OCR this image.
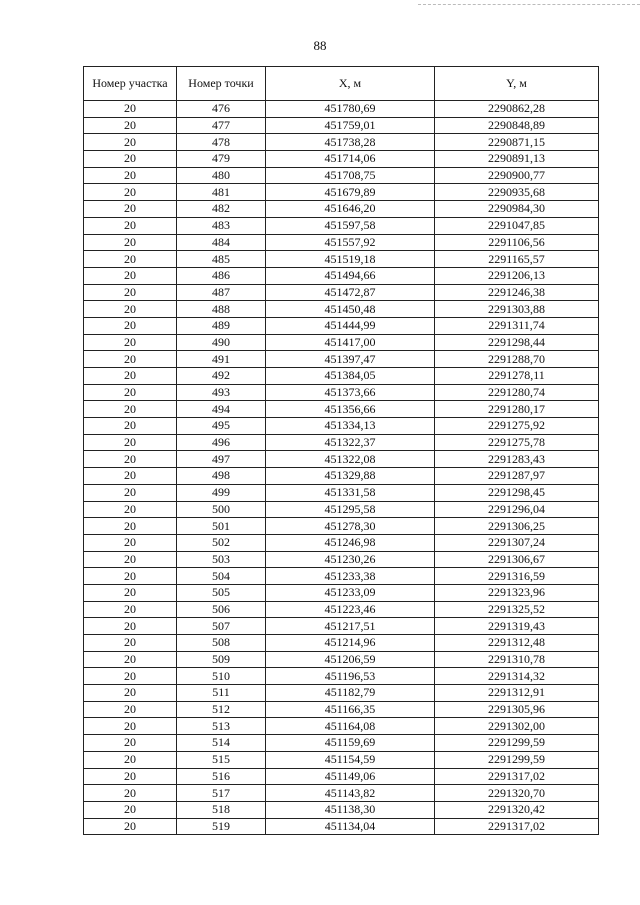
88
Номер участка	Номер точки	X, м	Y, м
20	476	451780,69	2290862,28
20	477	451759,01	2290848,89
20	478	451738,28	2290871,15
20	479	451714,06	2290891,13
20	480	451708,75	2290900,77
20	481	451679,89	2290935,68
20	482	451646,20	2290984,30
20	483	451597,58	2291047,85
20	484	451557,92	2291106,56
20	485	451519,18	2291165,57
20	486	451494,66	2291206,13
20	487	451472,87	2291246,38
20	488	451450,48	2291303,88
20	489	451444,99	2291311,74
20	490	451417,00	2291298,44
20	491	451397,47	2291288,70
20	492	451384,05	2291278,11
20	493	451373,66	2291280,74
20	494	451356,66	2291280,17
20	495	451334,13	2291275,92
20	496	451322,37	2291275,78
20	497	451322,08	2291283,43
20	498	451329,88	2291287,97
20	499	451331,58	2291298,45
20	500	451295,58	2291296,04
20	501	451278,30	2291306,25
20	502	451246,98	2291307,24
20	503	451230,26	2291306,67
20	504	451233,38	2291316,59
20	505	451233,09	2291323,96
20	506	451223,46	2291325,52
20	507	451217,51	2291319,43
20	508	451214,96	2291312,48
20	509	451206,59	2291310,78
20	510	451196,53	2291314,32
20	511	451182,79	2291312,91
20	512	451166,35	2291305,96
20	513	451164,08	2291302,00
20	514	451159,69	2291299,59
20	515	451154,59	2291299,59
20	516	451149,06	2291317,02
20	517	451143,82	2291320,70
20	518	451138,30	2291320,42
20	519	451134,04	2291317,02
